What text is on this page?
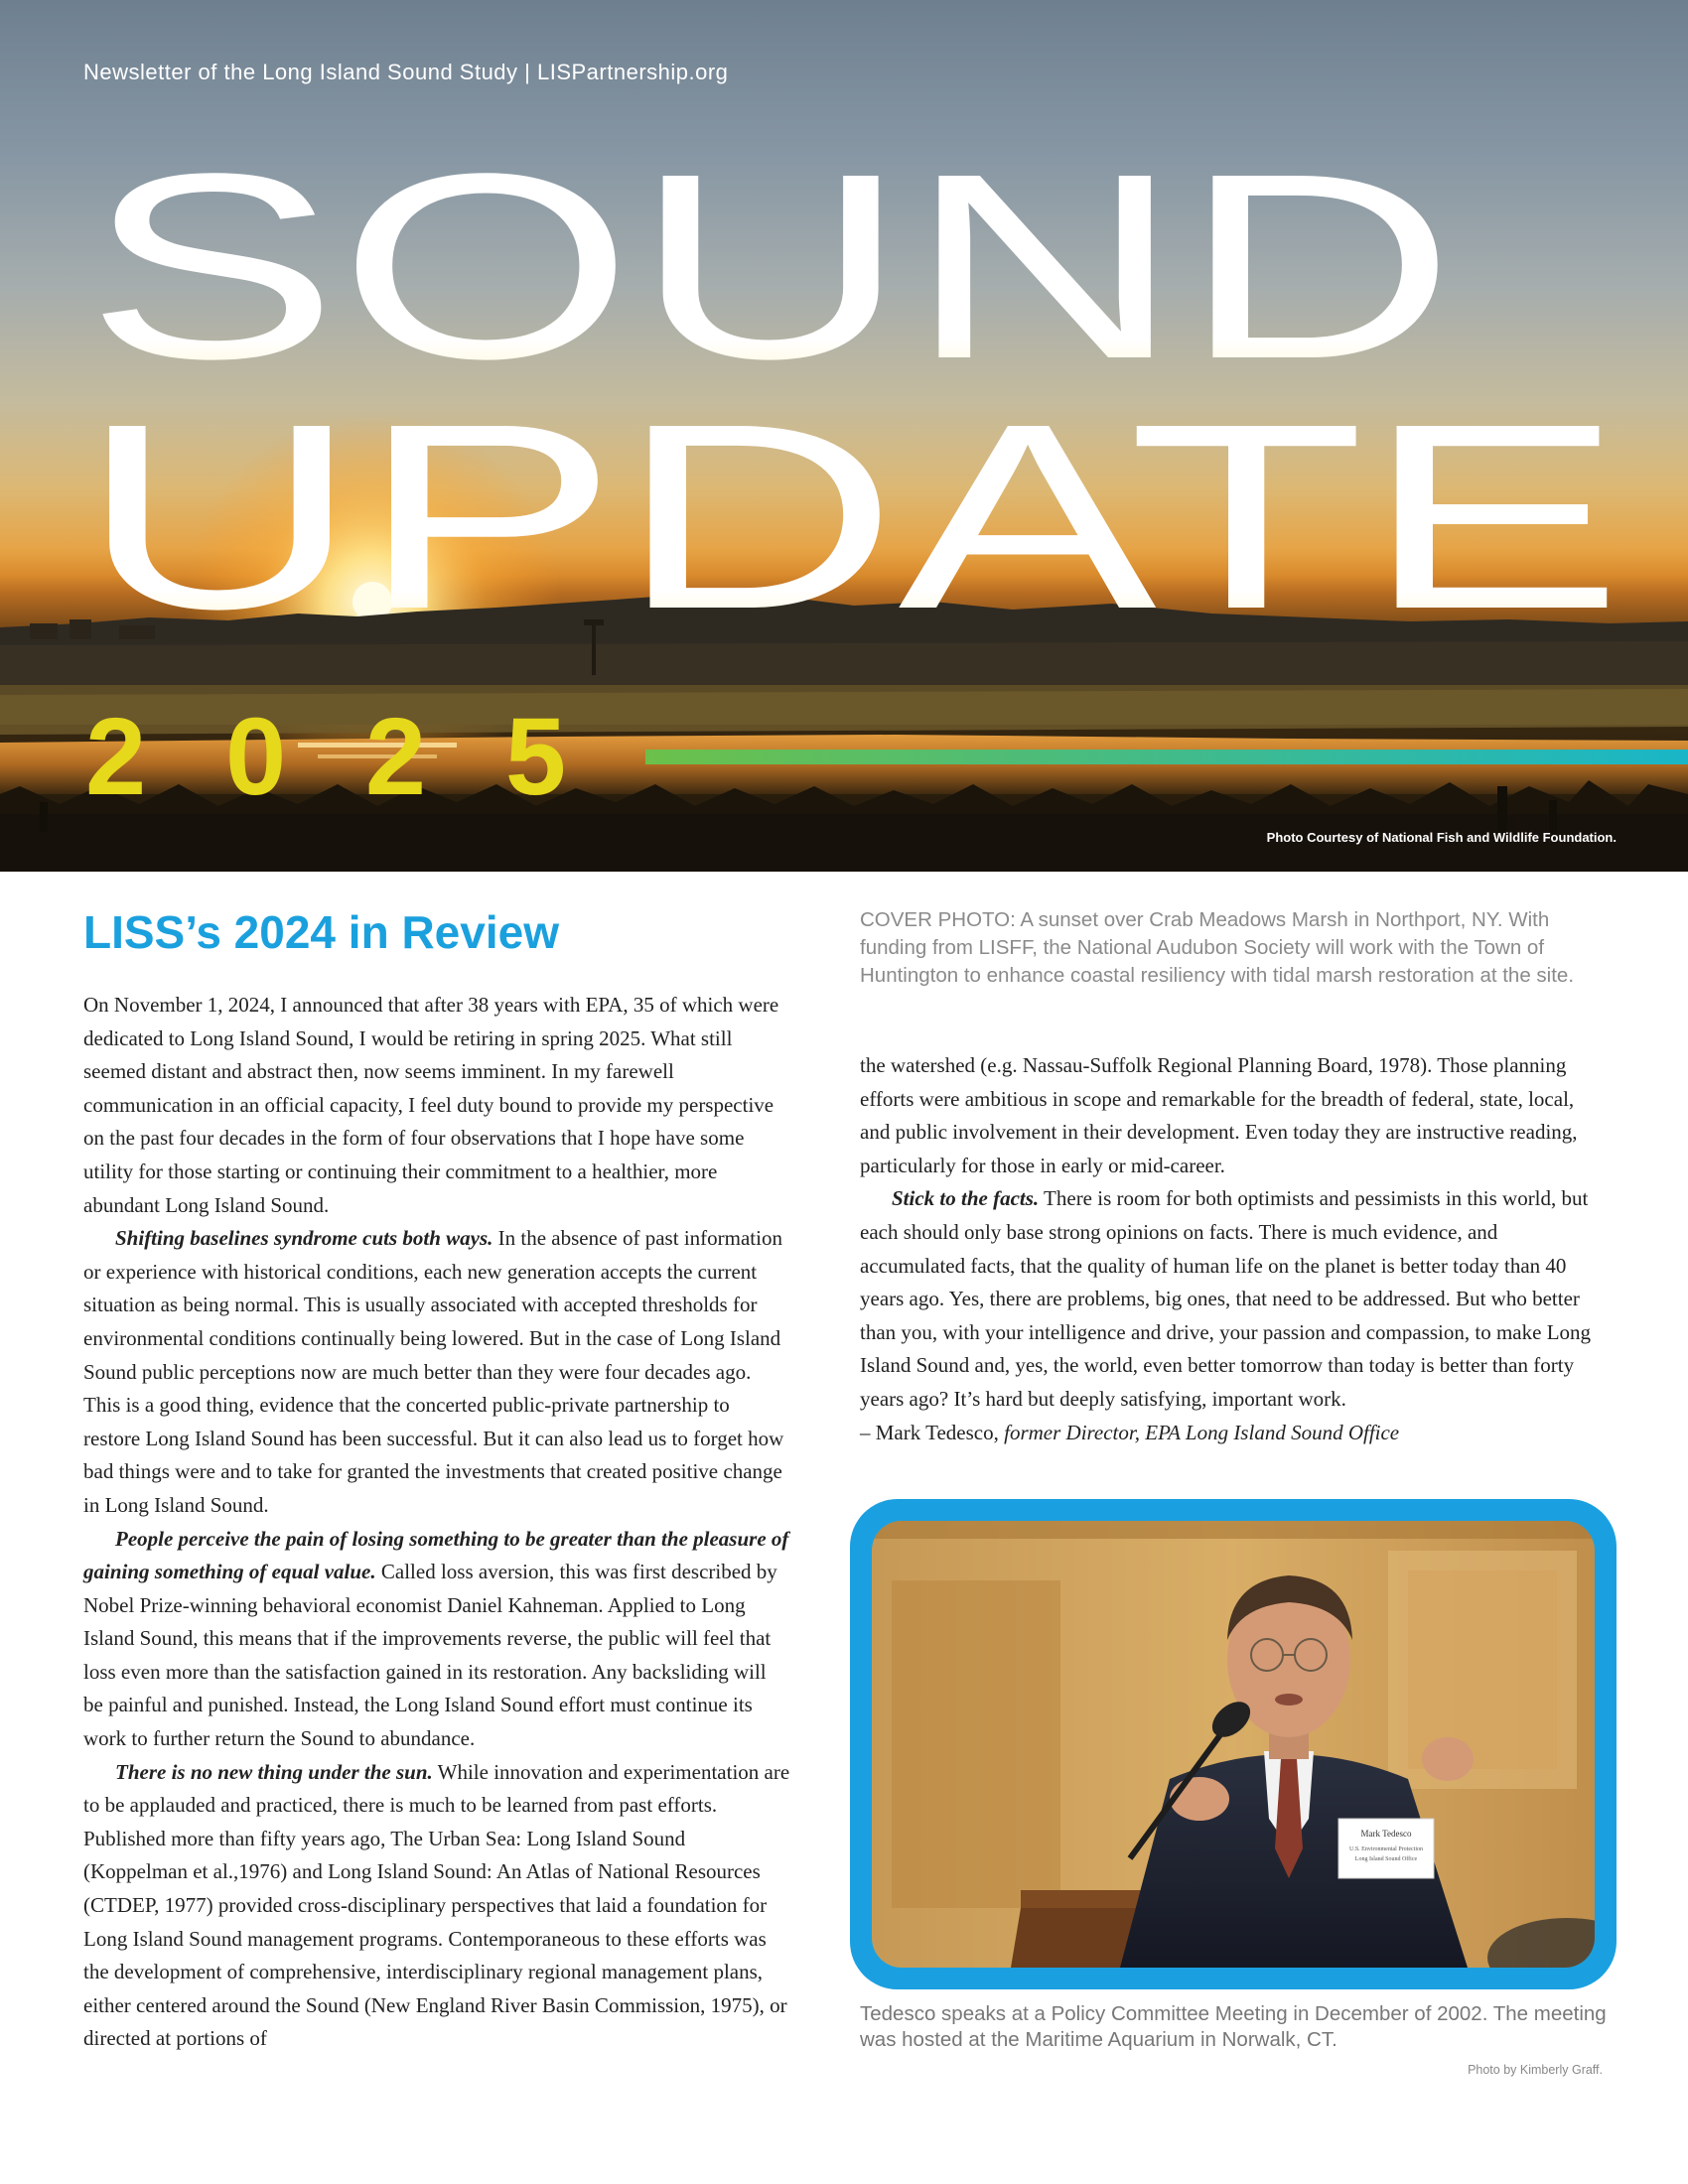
SOUND
UPDATE
2025
Newsletter of the Long Island Sound Study | LISPartnership.org
Photo Courtesy of National Fish and Wildlife Foundation.
LISS’s 2024 in Review

On November 1, 2024, I announced that after 38 years with EPA, 35 of which were dedicated to Long Island Sound, I would be retiring in spring 2025. What still seemed distant and abstract then, now seems imminent. In my farewell communication in an official capacity, I feel duty bound to provide my perspective on the past four decades in the form of four observations that I hope have some utility for those starting or continuing their commitment to a healthier, more abundant Long Island Sound.

Shifting baselines syndrome cuts both ways. In the absence of past information or experience with historical conditions, each new generation accepts the current situation as being normal. This is usually associated with accepted thresholds for environmental conditions continually being lowered. But in the case of Long Island Sound public perceptions now are much better than they were four decades ago. This is a good thing, evidence that the concerted public-private partnership to restore Long Island Sound has been successful. But it can also lead us to forget how bad things were and to take for granted the investments that created positive change in Long Island Sound.

People perceive the pain of losing something to be greater than the pleasure of gaining something of equal value. Called loss aversion, this was first described by Nobel Prize-winning behavioral economist Daniel Kahneman. Applied to Long Island Sound, this means that if the improvements reverse, the public will feel that loss even more than the satisfaction gained in its restoration. Any backsliding will be painful and punished. Instead, the Long Island Sound effort must continue its work to further return the Sound to abundance.

There is no new thing under the sun. While innovation and experimentation are to be applauded and practiced, there is much to be learned from past efforts. Published more than fifty years ago, The Urban Sea: Long Island Sound (Koppelman et al.,1976) and Long Island Sound: An Atlas of National Resources (CTDEP, 1977) provided cross-disciplinary perspectives that laid a foundation for Long Island Sound management programs. Contemporaneous to these efforts was the development of comprehensive, interdisciplinary regional management plans, either centered around the Sound (New England River Basin Commission, 1975), or directed at portions of

COVER PHOTO: A sunset over Crab Meadows Marsh in Northport, NY. With funding from LISFF, the National Audubon Society will work with the Town of Huntington to enhance coastal resiliency with tidal marsh restoration at the site.

the watershed (e.g. Nassau-Suffolk Regional Planning Board, 1978). Those planning efforts were ambitious in scope and remarkable for the breadth of federal, state, local, and public involvement in their development. Even today they are instructive reading, particularly for those in early or mid-career.

Stick to the facts. There is room for both optimists and pessimists in this world, but each should only base strong opinions on facts. There is much evidence, and accumulated facts, that the quality of human life on the planet is better today than 40 years ago. Yes, there are problems, big ones, that need to be addressed. But who better than you, with your intelligence and drive, your passion and compassion, to make Long Island Sound and, yes, the world, even better tomorrow than today is better than forty years ago? It’s hard but deeply satisfying, important work.

– Mark Tedesco, former Director, EPA Long Island Sound Office

Mark Tedesco
U.S. Environmental Protection
Long Island Sound Office

Tedesco speaks at a Policy Committee Meeting in December of 2002. The meeting was hosted at the Maritime Aquarium in Norwalk, CT.

Photo by Kimberly Graff.
